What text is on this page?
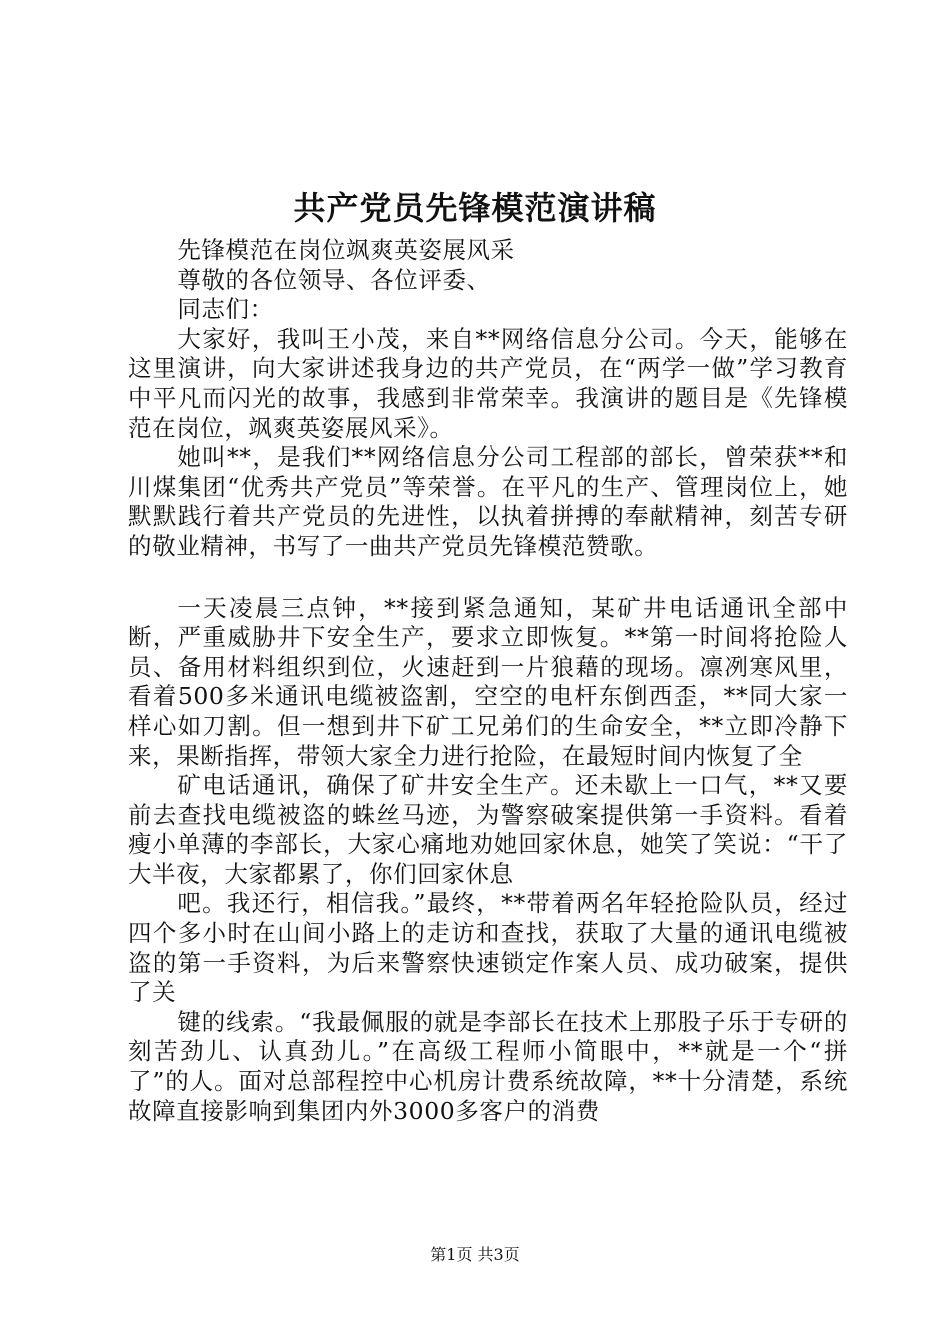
共产党员先锋模范演讲稿

先锋模范在岗位飒爽英姿展风采

尊敬的各位领导、各位评委、

同志们：

大家好，我叫王小茂，来自**网络信息分公司。今天，能够在这里演讲，向大家讲述我身边的共产党员，在“两学一做”学习教育中平凡而闪光的故事，我感到非常荣幸。我演讲的题目是《先锋模范在岗位，飒爽英姿展风采》。

她叫**，是我们**网络信息分公司工程部的部长，曾荣获**和川煤集团“优秀共产党员”等荣誉。在平凡的生产、管理岗位上，她默默践行着共产党员的先进性，以执着拼搏的奉献精神，刻苦专研的敬业精神，书写了一曲共产党员先锋模范赞歌。

一天凌晨三点钟，**接到紧急通知，某矿井电话通讯全部中断，严重威胁井下安全生产，要求立即恢复。**第一时间将抢险人员、备用材料组织到位，火速赶到一片狼藉的现场。凛冽寒风里，看着500多米通讯电缆被盗割，空空的电杆东倒西歪，**同大家一样心如刀割。但一想到井下矿工兄弟们的生命安全，**立即冷静下来，果断指挥，带领大家全力进行抢险，在最短时间内恢复了全

矿电话通讯，确保了矿井安全生产。还未歇上一口气，**又要前去查找电缆被盗的蛛丝马迹，为警察破案提供第一手资料。看着瘦小单薄的李部长，大家心痛地劝她回家休息，她笑了笑说：“干了大半夜，大家都累了，你们回家休息

吧。我还行，相信我。”最终，**带着两名年轻抢险队员，经过四个多小时在山间小路上的走访和查找，获取了大量的通讯电缆被盗的第一手资料，为后来警察快速锁定作案人员、成功破案，提供了关

键的线索。“我最佩服的就是李部长在技术上那股子乐于专研的刻苦劲儿、认真劲儿。”在高级工程师小简眼中，**就是一个“拼了”的人。面对总部程控中心机房计费系统故障，**十分清楚，系统故障直接影响到集团内外3000多客户的消费

第1页 共3页
